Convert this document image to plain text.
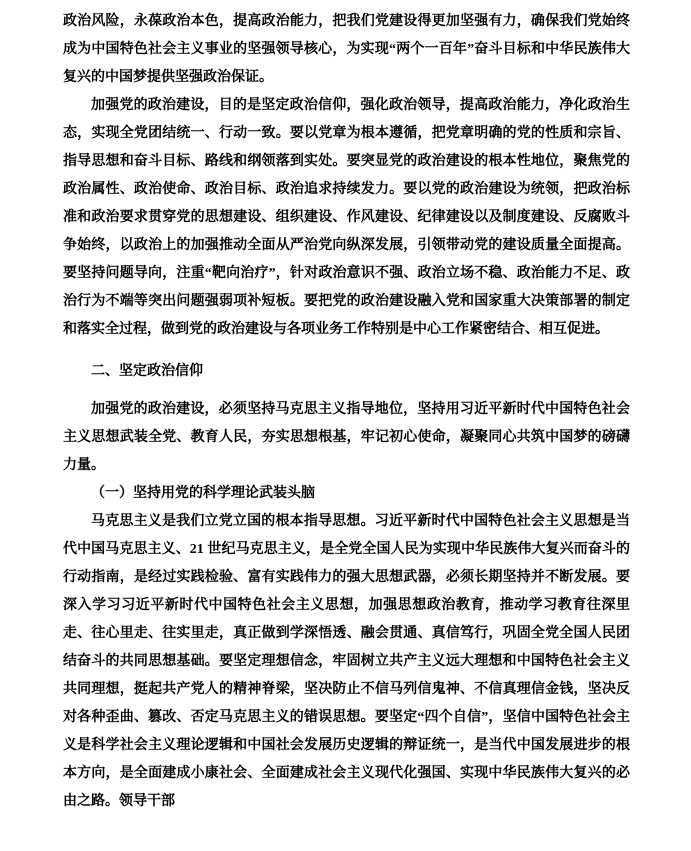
政治风险，永葆政治本色，提高政治能力，把我们党建设得更加坚强有力，确保我们党始终成为中国特色社会主义事业的坚强领导核心，为实现“两个一百年”奋斗目标和中华民族伟大复兴的中国梦提供坚强政治保证。

加强党的政治建设，目的是坚定政治信仰，强化政治领导，提高政治能力，净化政治生态，实现全党团结统一、行动一致。要以党章为根本遵循，把党章明确的党的性质和宗旨、指导思想和奋斗目标、路线和纲领落到实处。要突显党的政治建设的根本性地位，聚焦党的政治属性、政治使命、政治目标、政治追求持续发力。要以党的政治建设为统领，把政治标准和政治要求贯穿党的思想建设、组织建设、作风建设、纪律建设以及制度建设、反腐败斗争始终，以政治上的加强推动全面从严治党向纵深发展，引领带动党的建设质量全面提高。要坚持问题导向，注重“靶向治疗”，针对政治意识不强、政治立场不稳、政治能力不足、政治行为不端等突出问题强弱项补短板。要把党的政治建设融入党和国家重大决策部署的制定和落实全过程，做到党的政治建设与各项业务工作特别是中心工作紧密结合、相互促进。

二、坚定政治信仰

加强党的政治建设，必须坚持马克思主义指导地位，坚持用习近平新时代中国特色社会主义思想武装全党、教育人民，夯实思想根基，牢记初心使命，凝聚同心共筑中国梦的磅礴力量。

（一）坚持用党的科学理论武装头脑

马克思主义是我们立党立国的根本指导思想。习近平新时代中国特色社会主义思想是当代中国马克思主义、21 世纪马克思主义，是全党全国人民为实现中华民族伟大复兴而奋斗的行动指南，是经过实践检验、富有实践伟力的强大思想武器，必须长期坚持并不断发展。要深入学习习近平新时代中国特色社会主义思想，加强思想政治教育，推动学习教育往深里走、往心里走、往实里走，真正做到学深悟透、融会贯通、真信笃行，巩固全党全国人民团结奋斗的共同思想基础。要坚定理想信念，牢固树立共产主义远大理想和中国特色社会主义共同理想，挺起共产党人的精神脊梁，坚决防止不信马列信鬼神、不信真理信金钱，坚决反对各种歪曲、篡改、否定马克思主义的错误思想。要坚定“四个自信”，坚信中国特色社会主义是科学社会主义理论逻辑和中国社会发展历史逻辑的辩证统一，是当代中国发展进步的根本方向，是全面建成小康社会、全面建成社会主义现代化强国、实现中华民族伟大复兴的必由之路。领导干部
